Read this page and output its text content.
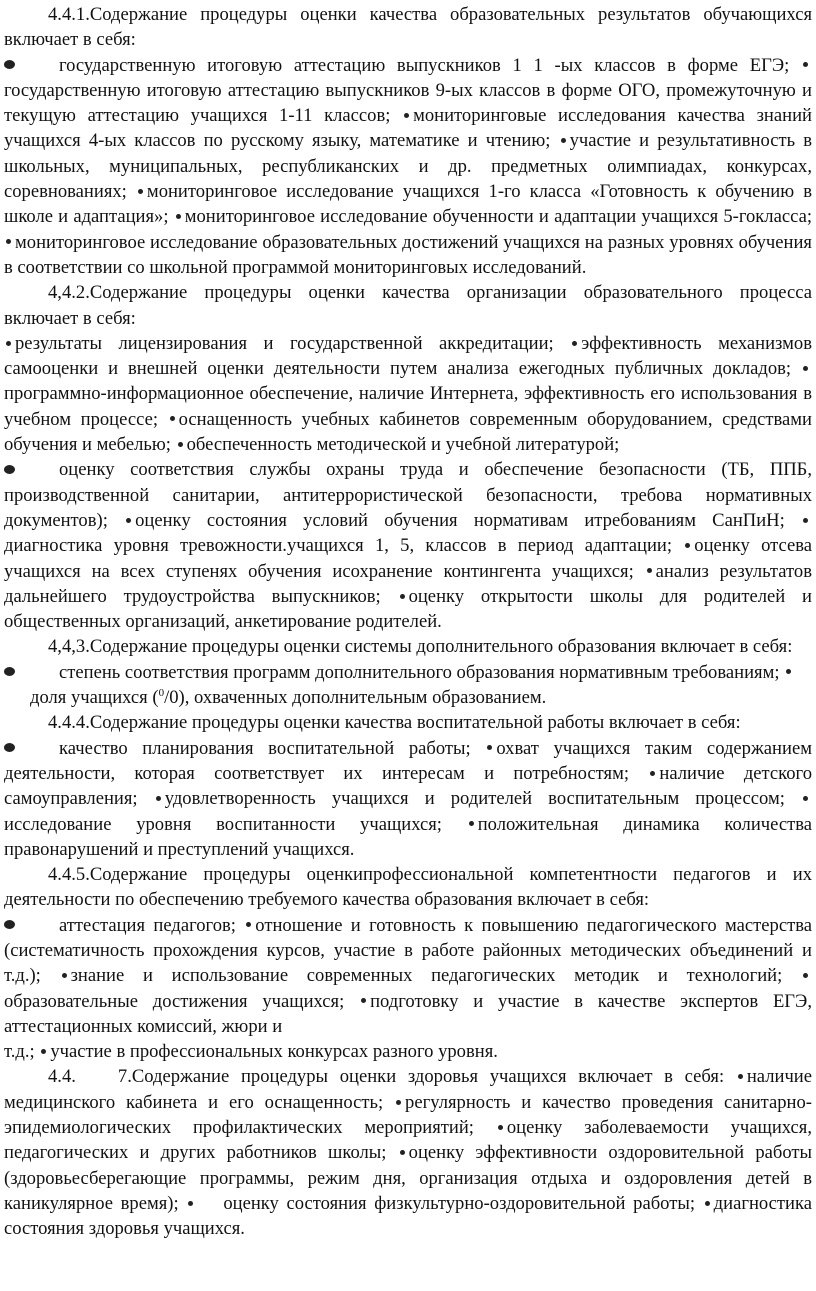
4.4.1.Содержание процедуры оценки качества образовательных результатов обучающихся включает в себя:

государственную итоговую аттестацию выпускников 1 1 -ых классов в форме ЕГЭ; государственную итоговую аттестацию выпускников 9-ых классов в форме ОГО, промежуточную и текущую аттестацию учащихся 1-11 классов; мониторинговые исследования качества знаний учащихся 4-ых классов по русскому языку, математике и чтению; участие и результативность в школьных, муниципальных, республиканских и др. предметных олимпиадах, конкурсах, соревнованиях; мониторинговое исследование учащихся 1-го класса «Готовность к обучению в школе и адаптация»; мониторинговое исследование обученности и адаптации учащихся 5-гокласса; мониторинговое исследование образовательных достижений учащихся на разных уровнях обучения в соответствии со школьной программой мониторинговых исследований.

4,4.2.Содержание процедуры оценки качества организации образовательного процесса включает в себя:

результаты лицензирования и государственной аккредитации; эффективность механизмов самооценки и внешней оценки деятельности путем анализа ежегодных публичных докладов; программно-информационное обеспечение, наличие Интернета, эффективность его использования в учебном процессе; оснащенность учебных кабинетов современным оборудованием, средствами обучения и мебелью; обеспеченность методической и учебной литературой;

оценку соответствия службы охраны труда и обеспечение безопасности (ТБ, ППБ, производственной санитарии, антитеррористической безопасности, требова нормативных документов); оценку состояния условий обучения нормативам итребованиям СанПиН; диагностика уровня тревожности.учащихся 1, 5, классов в период адаптации; оценку отсева учащихся на всех ступенях обучения исохранение контингента учащихся; анализ результатов дальнейшего трудоустройства выпускников; оценку открытости школы для родителей и общественных организаций, анкетирование родителей.

4,4,3.Содержание процедуры оценки системы дополнительного образования включает в себя:

степень соответствия программ дополнительного образования нормативным требованиям; доля учащихся ($^0$/0), охваченных дополнительным образованием.

4.4.4.Содержание процедуры оценки качества воспитательной работы включает в себя:

качество планирования воспитательной работы; охват учащихся таким содержанием деятельности, которая соответствует их интересам и потребностям; наличие детского самоуправления; удовлетворенность учащихся и родителей воспитательным процессом; исследование уровня воспитанности учащихся; положительная динамика количества правонарушений и преступлений учащихся.

4.4.5.Содержание процедуры оценкипрофессиональной компетентности педагогов и их деятельности по обеспечению требуемого качества образования включает в себя:

аттестация педагогов; отношение и готовность к повышению педагогического мастерства (систематичность прохождения курсов, участие в работе районных методических объединений и т.д.); знание и использование современных педагогических методик и технологий; образовательные достижения учащихся; подготовку и участие в качестве экспертов ЕГЭ, аттестационных комиссий, жюри и

т.д.; участие в профессиональных конкурсах разного уровня.

4.4. 7.Содержание процедуры оценки здоровья учащихся включает в себя: наличие медицинского кабинета и его оснащенность; регулярность и качество проведения санитарно-эпидемиологических профилактических мероприятий; оценку заболеваемости учащихся, педагогических и других работников школы; оценку эффективности оздоровительной работы (здоровьесберегающие программы, режим дня, организация отдыха и оздоровления детей в каникулярное время); оценку состояния физкультурно-оздоровительной работы; диагностика состояния здоровья учащихся.
